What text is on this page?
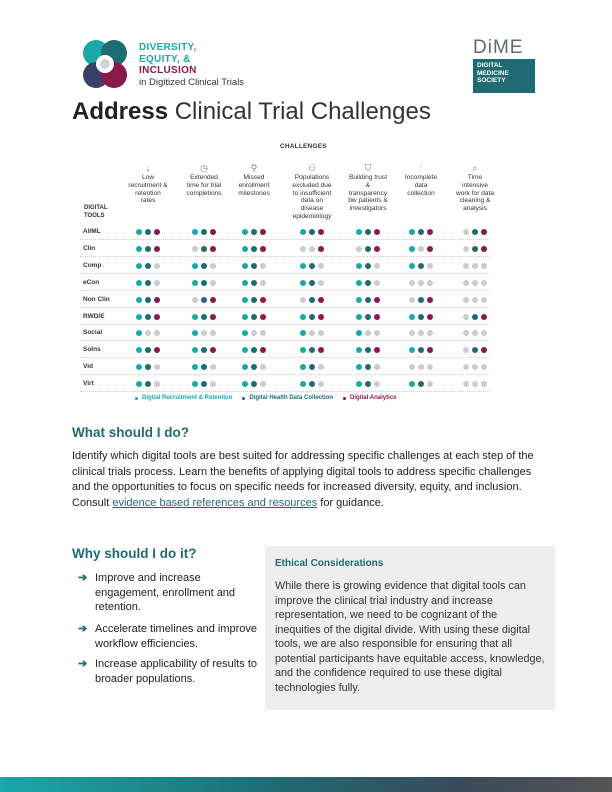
DIVERSITY,
EQUITY, &
INCLUSION
in Digitized Clinical Trials
DiME
DIGITAL
MEDICINE
SOCIETY
Address Clinical Trial Challenges
CHALLENGES
DIGITAL
TOOLS
↓
Low
recruitment &
retention
rates
◷
Extended
time for trial
completions
⚲
Missed
enrollment
milestones
⚇
Populations
excluded due
to insufficient
data on
disease
epidemiology
⛉
Building trust
&
transparency
bw patients &
investigators
⫶
Incomplete
data
collection
⌕
Time
intensive
work for data
cleaning &
analysis
AI/ML
Clin
Comp
eCon
Non Clin
RWD/E
Social
Solns
Vid
Virt
Digital Recruitment & Retention	Digital Health Data Collection	Digital Analytics
What should I do?
Identify which digital tools are best suited for addressing specific challenges at each step of the clinical trials process. Learn the benefits of applying digital tools to address specific challenges and the opportunities to focus on specific needs for increased diversity, equity, and inclusion. Consult evidence based references and resources for guidance.
Why should I do it?
➔ Improve and increase engagement, enrollment and retention.
➔ Accelerate timelines and improve workflow efficiencies.
➔ Increase applicability of results to broader populations.
Ethical Considerations
While there is growing evidence that digital tools can improve the clinical trial industry and increase representation, we need to be cognizant of the inequities of the digital divide. With using these digital tools, we are also responsible for ensuring that all potential participants have equitable access, knowledge, and the confidence required to use these digital technologies fully.
